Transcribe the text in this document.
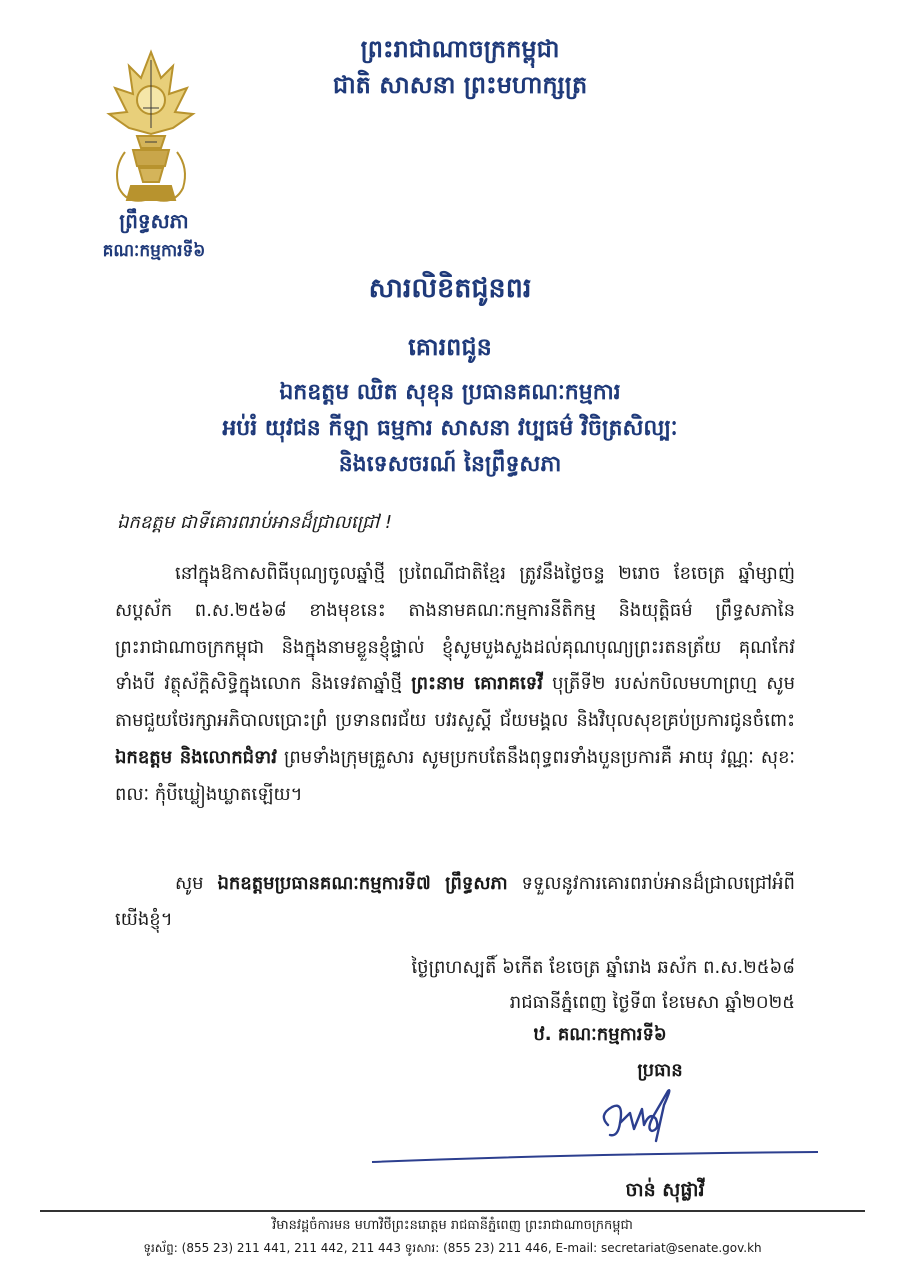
ព្រះរាជាណាចក្រកម្ពុជា
ជាតិ សាសនា ព្រះមហាក្សត្រ
ព្រឹទ្ធសភា
គណៈកម្មការទី៦
សារលិខិតជូនពរ
គោរពជូន
ឯកឧត្តម ឈិត សុខុន ប្រធានគណៈកម្មការ
អប់រំ យុវជន កីឡា ធម្មការ សាសនា វប្បធម៌ វិចិត្រសិល្បៈ
និងទេសចរណ៍ នៃព្រឹទ្ធសភា
ឯកឧត្តម ជាទីគោរពរាប់អានដ៏ជ្រាលជ្រៅ !
នៅក្នុងឱកាសពិធីបុណ្យចូលឆ្នាំថ្មី ប្រពៃណីជាតិខ្មែរ ត្រូវនឹងថ្ងៃចន្ទ ២រោច ខែចេត្រ ឆ្នាំម្សាញ់ សប្តស័ក ព.ស.២៥៦៨ ខាងមុខនេះ តាងនាមគណៈកម្មការនីតិកម្ម និងយុត្តិធម៌ ព្រឹទ្ធសភានៃព្រះរាជាណាចក្រកម្ពុជា និងក្នុងនាមខ្លួនខ្ញុំផ្ទាល់ ខ្ញុំសូមបួងសួងដល់គុណបុណ្យព្រះរតនត្រ័យ គុណកែវទាំងបី វត្ថុស័ក្តិសិទ្ធិក្នុងលោក និងទេវតាឆ្នាំថ្មី ព្រះនាម គោរាគទេវី បុត្រីទី២ របស់កបិលមហាព្រហ្ម សូមតាមជួយថែរក្សាអភិបាលប្រោះព្រំ ប្រទានពរជ័យ បវរសួស្តី ជ័យមង្គល និងវិបុលសុខគ្រប់ប្រការជូនចំពោះ ឯកឧត្តម និងលោកជំទាវ ព្រមទាំងក្រុមគ្រួសារ សូមប្រកបតែនឹងពុទ្ធពរទាំងបួនប្រការគឺ អាយុ វណ្ណៈ សុខៈ ពលៈ កុំបីឃ្លៀងឃ្លាតឡើយ។
សូម ឯកឧត្តមប្រធានគណៈកម្មការទី៧ ព្រឹទ្ធសភា ទទួលនូវការគោរពរាប់អានដ៏ជ្រាលជ្រៅអំពីយើងខ្ញុំ។
ថ្ងៃព្រហស្បតិ៍ ៦កើត ខែចេត្រ ឆ្នាំរោង ឆស័ក ព.ស.២៥៦៨
រាជធានីភ្នំពេញ ថ្ងៃទី៣ ខែមេសា ឆ្នាំ២០២៥
ឋ. គណៈកម្មការទី៦
ប្រធាន
ចាន់ សុផ្លាវី
វិមានវដ្តចំការមន មហាវិថីព្រះនរោត្តម រាជធានីភ្នំពេញ ព្រះរាជាណាចក្រកម្ពុជា
ទូរស័ព្ទ: (855 23) 211 441, 211 442, 211 443 ទូរសារ: (855 23) 211 446, E-mail: secretariat@senate.gov.kh
